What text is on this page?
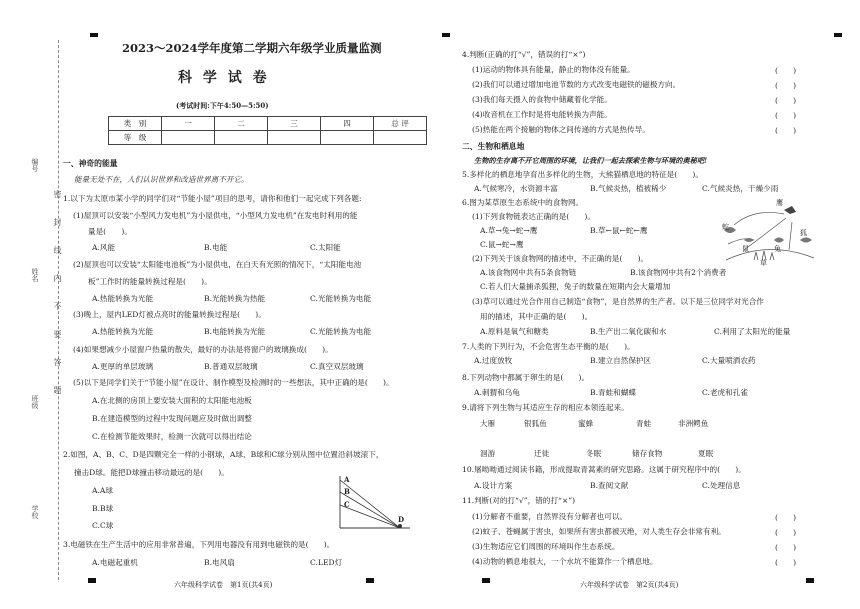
编号
姓名
班级
学校
密　封　线　内　不　要　答　题
2023～2024学年度第二学期六年级学业质量监测
科 学 试 卷
(考试时间:下午4:50—5:50)
类　别	一	二	三	四	总 评
等　级					
一、神奇的能量
能量无处不在，人们认识世界和改造世界离不开它。
1.以下为太原市某小学的同学们对“节能小屋”项目的思考，请你和他们一起完成下列各题:
(1)屋顶可以安装“小型风力发电机”为小屋供电，“小型风力发电机”在发电时利用的能
量是(　　)。
A.风能	B.电能	C.太阳能
(2)屋顶也可以安装“太阳能电池板”为小屋供电，在白天有光照的情况下，“太阳能电池
板”工作时的能量转换过程是(　　)。
A.热能转换为光能	B.光能转换为热能	C.光能转换为电能
(3)晚上，屋内LED灯被点亮时的能量转换过程是(　　)。
A.热能转换为光能	B.电能转换为光能	C.光能转换为电能
(4)如果想减少小屋窗户热量的散失，最好的办法是将窗户的玻璃换成(　　)。
A.更厚的单层玻璃	B.普通双层玻璃	C.真空双层玻璃
(5)以下是同学们关于“节能小屋”在设计、制作模型及检测时的一些想法，其中正确的是(　　)。
A.在北侧的房顶上要安装大面积的太阳能电池板
B.在建造模型的过程中发现问题应及时做出调整
C.在检测节能效果时，检测一次就可以得出结论
2.如图，A、B、C、D是四颗完全一样的小钢球，A球、B球和C球分别从图中位置沿斜坡滚下，
撞击D球。能把D球撞击移动最远的是(　　)。
A.A球
B.B球
C.C球
A
B
C
D
3.电磁铁在生产生活中的应用非常普遍，下列用电器没有用到电磁铁的是(　　)。
A.电磁起重机	B.电风扇	C.LED灯
六年级科学试卷　第1页(共4页)
4.判断(正确的打“√”，错误的打“×”)
(1)运动的物体具有能量，静止的物体没有能量。	(　　)
(2)我们可以通过增加电池节数的方式改变电磁铁的磁极方向。	(　　)
(3)我们每天摄入的食物中储藏着化学能。	(　　)
(4)收音机在工作时是将电能转换为声能。	(　　)
(5)热能在两个接触的物体之间传递的方式是热传导。	(　　)
二、生物和栖息地
生物的生存离不开它周围的环境，让我们一起去探索生物与环境的奥秘吧!
5.多样化的栖息地孕育出多样化的生物，大熊猫栖息地的特征是(　　)。
A.气候寒冷，水资源丰富	B.气候炎热，植被稀少	C.气候炎热，干燥少雨
6.图为某草原生态系统中的食物网。
(1)下列食物链表达正确的是(　　)。
A.草→兔→蛇→鹰	B.草←鼠←蛇←鹰
C.鼠→蛇→鹰
鹰
蛇
鼠	兔
狐
草
(2)下列关于该食物网的描述中，不正确的是(　　)。
A.该食物网中共有5条食物链	B.该食物网中共有2个消费者
C.若人们大量捕杀狐狸，兔子的数量在短期内会大量增加
(3)草可以通过光合作用自己制造“食物”，是自然界的生产者。以下是三位同学对光合作
用的描述，其中正确的是(　　)。
A.原料是氧气和糖类	B.生产出二氧化碳和水	C.利用了太阳光的能量
7.人类的下列行为，不会危害生态平衡的是(　　)。
A.过度放牧	B.建立自然保护区	C.大量喷洒农药
8.下列动物中都属于卵生的是(　　)。
A.刺猬和乌龟	B.青蛙和蝴蝶	C.老虎和孔雀
9.请将下列生物与其适应生存的相应本领连起来。
大雁	银狐鱼	蜜蜂	青蛙	非洲鳄鱼
洄游	迁徙	冬眠	储存食物	夏眠
10.屠呦呦通过阅读书籍，形成提取青蒿素的研究思路。这属于研究程序中的(　　)。
A.设计方案	B.查阅文献	C.处理信息
11.判断(对的打“√”，错的打“×”)
(1)分解者不重要，自然界没有分解者也可以。	(　　)
(2)蚊子、苍蝇属于害虫，如果所有害虫都被灭绝，对人类生存会非常有利。	(　　)
(3)生物适应它们周围的环境叫作生态系统。	(　　)
(4)动物的栖息地很大，一个水坑不能算作一个栖息地。	(　　)
六年级科学试卷　第2页(共4页)
